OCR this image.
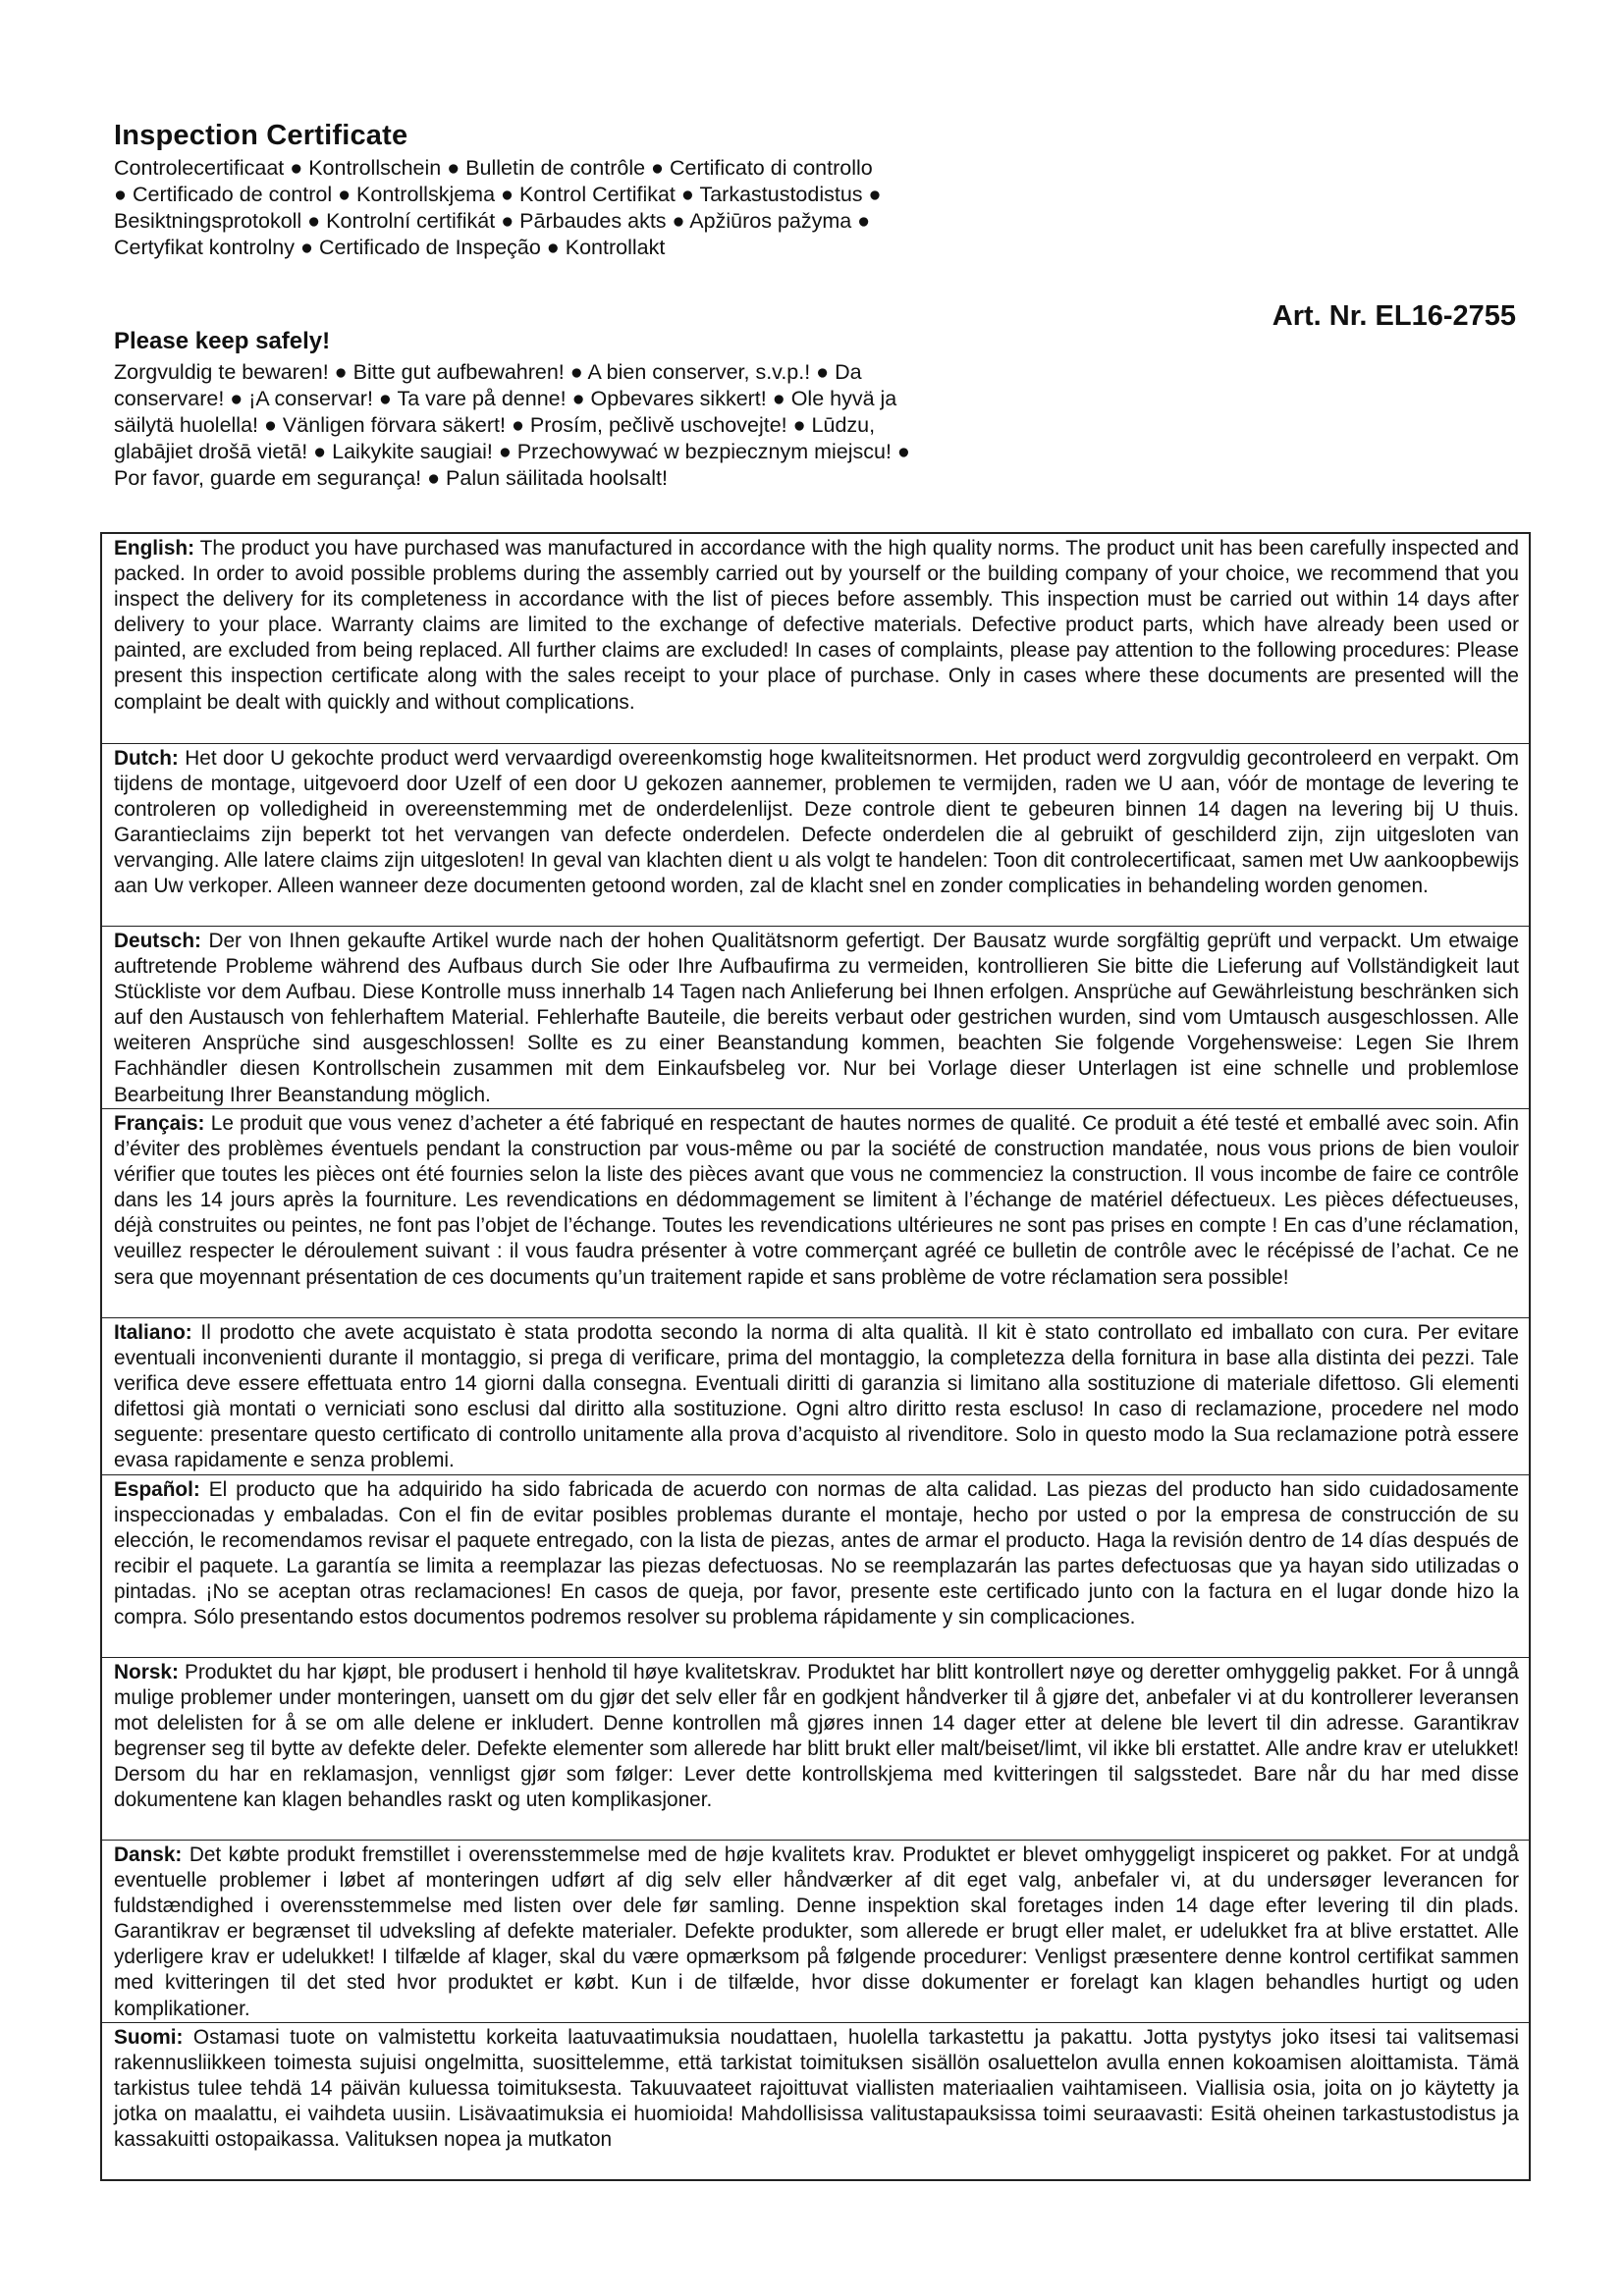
Inspection Certificate

Controlecertificaat ● Kontrollschein ● Bulletin de contrôle ● Certificato di controllo ● Certificado de control ● Kontrollskjema ● Kontrol Certifikat ● Tarkastustodistus ● Besiktningsprotokoll ● Kontrolní certifikát ● Pārbaudes akts ● Apžiūros pažyma ● Certyfikat kontrolny ● Certificado de Inspeção ● Kontrollakt

Please keep safely!

Zorgvuldig te bewaren! ● Bitte gut aufbewahren! ● A bien conserver, s.v.p.! ● Da conservare! ● ¡A conservar! ● Ta vare på denne! ● Opbevares sikkert! ● Ole hyvä ja säilytä huolella! ● Vänligen förvara säkert! ● Prosím, pečlivě uschovejte! ● Lūdzu, glabājiet drošā vietā! ● Laikykite saugiai! ● Przechowywać w bezpiecznym miejscu! ● Por favor, guarde em segurança! ● Palun säilitada hoolsalt!

Art. Nr. EL16-2755
English: The product you have purchased was manufactured in accordance with the high quality norms. The product unit has been carefully inspected and packed. In order to avoid possible problems during the assembly carried out by yourself or the building company of your choice, we recommend that you inspect the delivery for its completeness in accordance with the list of pieces before assembly. This inspection must be carried out within 14 days after delivery to your place. Warranty claims are limited to the exchange of defective materials. Defective product parts, which have already been used or painted, are excluded from being replaced. All further claims are excluded! In cases of complaints, please pay attention to the following procedures: Please present this inspection certificate along with the sales receipt to your place of purchase. Only in cases where these documents are presented will the complaint be dealt with quickly and without complications.
Dutch: Het door U gekochte product werd vervaardigd overeenkomstig hoge kwaliteitsnormen. Het product werd zorgvuldig gecontroleerd en verpakt. Om tijdens de montage, uitgevoerd door Uzelf of een door U gekozen aannemer, problemen te vermijden, raden we U aan, vóór de montage de levering te controleren op volledigheid in overeenstemming met de onderdelenlijst. Deze controle dient te gebeuren binnen 14 dagen na levering bij U thuis. Garantieclaims zijn beperkt tot het vervangen van defecte onderdelen. Defecte onderdelen die al gebruikt of geschilderd zijn, zijn uitgesloten van vervanging. Alle latere claims zijn uitgesloten! In geval van klachten dient u als volgt te handelen: Toon dit controlecertificaat, samen met Uw aankoopbewijs aan Uw verkoper. Alleen wanneer deze documenten getoond worden, zal de klacht snel en zonder complicaties in behandeling worden genomen.
Deutsch: Der von Ihnen gekaufte Artikel wurde nach der hohen Qualitätsnorm gefertigt. Der Bausatz wurde sorgfältig geprüft und verpackt. Um etwaige auftretende Probleme während des Aufbaus durch Sie oder Ihre Aufbaufirma zu vermeiden, kontrollieren Sie bitte die Lieferung auf Vollständigkeit laut Stückliste vor dem Aufbau. Diese Kontrolle muss innerhalb 14 Tagen nach Anlieferung bei Ihnen erfolgen. Ansprüche auf Gewährleistung beschränken sich auf den Austausch von fehlerhaftem Material. Fehlerhafte Bauteile, die bereits verbaut oder gestrichen wurden, sind vom Umtausch ausgeschlossen. Alle weiteren Ansprüche sind ausgeschlossen! Sollte es zu einer Beanstandung kommen, beachten Sie folgende Vorgehensweise: Legen Sie Ihrem Fachhändler diesen Kontrollschein zusammen mit dem Einkaufsbeleg vor. Nur bei Vorlage dieser Unterlagen ist eine schnelle und problemlose Bearbeitung Ihrer Beanstandung möglich.
Français: Le produit que vous venez d’acheter a été fabriqué en respectant de hautes normes de qualité. Ce produit a été testé et emballé avec soin. Afin d’éviter des problèmes éventuels pendant la construction par vous-même ou par la société de construction mandatée, nous vous prions de bien vouloir vérifier que toutes les pièces ont été fournies selon la liste des pièces avant que vous ne commenciez la construction. Il vous incombe de faire ce contrôle dans les 14 jours après la fourniture. Les revendications en dédommagement se limitent à l’échange de matériel défectueux. Les pièces défectueuses, déjà construites ou peintes, ne font pas l’objet de l’échange. Toutes les revendications ultérieures ne sont pas prises en compte ! En cas d’une réclamation, veuillez respecter le déroulement suivant : il vous faudra présenter à votre commerçant agréé ce bulletin de contrôle avec le récépissé de l’achat. Ce ne sera que moyennant présentation de ces documents qu’un traitement rapide et sans problème de votre réclamation sera possible!
Italiano: Il prodotto che avete acquistato è stata prodotta secondo la norma di alta qualità. Il kit è stato controllato ed imballato con cura. Per evitare eventuali inconvenienti durante il montaggio, si prega di verificare, prima del montaggio, la completezza della fornitura in base alla distinta dei pezzi. Tale verifica deve essere effettuata entro 14 giorni dalla consegna. Eventuali diritti di garanzia si limitano alla sostituzione di materiale difettoso. Gli elementi difettosi già montati o verniciati sono esclusi dal diritto alla sostituzione. Ogni altro diritto resta escluso! In caso di reclamazione, procedere nel modo seguente: presentare questo certificato di controllo unitamente alla prova d’acquisto al rivenditore. Solo in questo modo la Sua reclamazione potrà essere evasa rapidamente e senza problemi.
Español: El producto que ha adquirido ha sido fabricada de acuerdo con normas de alta calidad. Las piezas del producto han sido cuidadosamente inspeccionadas y embaladas. Con el fin de evitar posibles problemas durante el montaje, hecho por usted o por la empresa de construcción de su elección, le recomendamos revisar el paquete entregado, con la lista de piezas, antes de armar el producto. Haga la revisión dentro de 14 días después de recibir el paquete. La garantía se limita a reemplazar las piezas defectuosas. No se reemplazarán las partes defectuosas que ya hayan sido utilizadas o pintadas. ¡No se aceptan otras reclamaciones! En casos de queja, por favor, presente este certificado junto con la factura en el lugar donde hizo la compra. Sólo presentando estos documentos podremos resolver su problema rápidamente y sin complicaciones.
Norsk: Produktet du har kjøpt, ble produsert i henhold til høye kvalitetskrav. Produktet har blitt kontrollert nøye og deretter omhyggelig pakket. For å unngå mulige problemer under monteringen, uansett om du gjør det selv eller får en godkjent håndverker til å gjøre det, anbefaler vi at du kontrollerer leveransen mot delelisten for å se om alle delene er inkludert. Denne kontrollen må gjøres innen 14 dager etter at delene ble levert til din adresse. Garantikrav begrenser seg til bytte av defekte deler. Defekte elementer som allerede har blitt brukt eller malt/beiset/limt, vil ikke bli erstattet. Alle andre krav er utelukket! Dersom du har en reklamasjon, vennligst gjør som følger: Lever dette kontrollskjema med kvitteringen til salgsstedet. Bare når du har med disse dokumentene kan klagen behandles raskt og uten komplikasjoner.
Dansk: Det købte produkt fremstillet i overensstemmelse med de høje kvalitets krav. Produktet er blevet omhyggeligt inspiceret og pakket. For at undgå eventuelle problemer i løbet af monteringen udført af dig selv eller håndværker af dit eget valg, anbefaler vi, at du undersøger leverancen for fuldstændighed i overensstemmelse med listen over dele før samling. Denne inspektion skal foretages inden 14 dage efter levering til din plads. Garantikrav er begrænset til udveksling af defekte materialer. Defekte produkter, som allerede er brugt eller malet, er udelukket fra at blive erstattet. Alle yderligere krav er udelukket! I tilfælde af klager, skal du være opmærksom på følgende procedurer: Venligst præsentere denne kontrol certifikat sammen med kvitteringen til det sted hvor produktet er købt. Kun i de tilfælde, hvor disse dokumenter er forelagt kan klagen behandles hurtigt og uden komplikationer.
Suomi: Ostamasi tuote on valmistettu korkeita laatuvaatimuksia noudattaen, huolella tarkastettu ja pakattu. Jotta pystytys joko itsesi tai valitsemasi rakennusliikkeen toimesta sujuisi ongelmitta, suosittelemme, että tarkistat toimituksen sisällön osaluettelon avulla ennen kokoamisen aloittamista. Tämä tarkistus tulee tehdä 14 päivän kuluessa toimituksesta. Takuuvaateet rajoittuvat viallisten materiaalien vaihtamiseen. Viallisia osia, joita on jo käytetty ja jotka on maalattu, ei vaihdeta uusiin. Lisävaatimuksia ei huomioida! Mahdollisissa valitustapauksissa toimi seuraavasti: Esitä oheinen tarkastustodistus ja kassakuitti ostopaikassa. Valituksen nopea ja mutkaton
